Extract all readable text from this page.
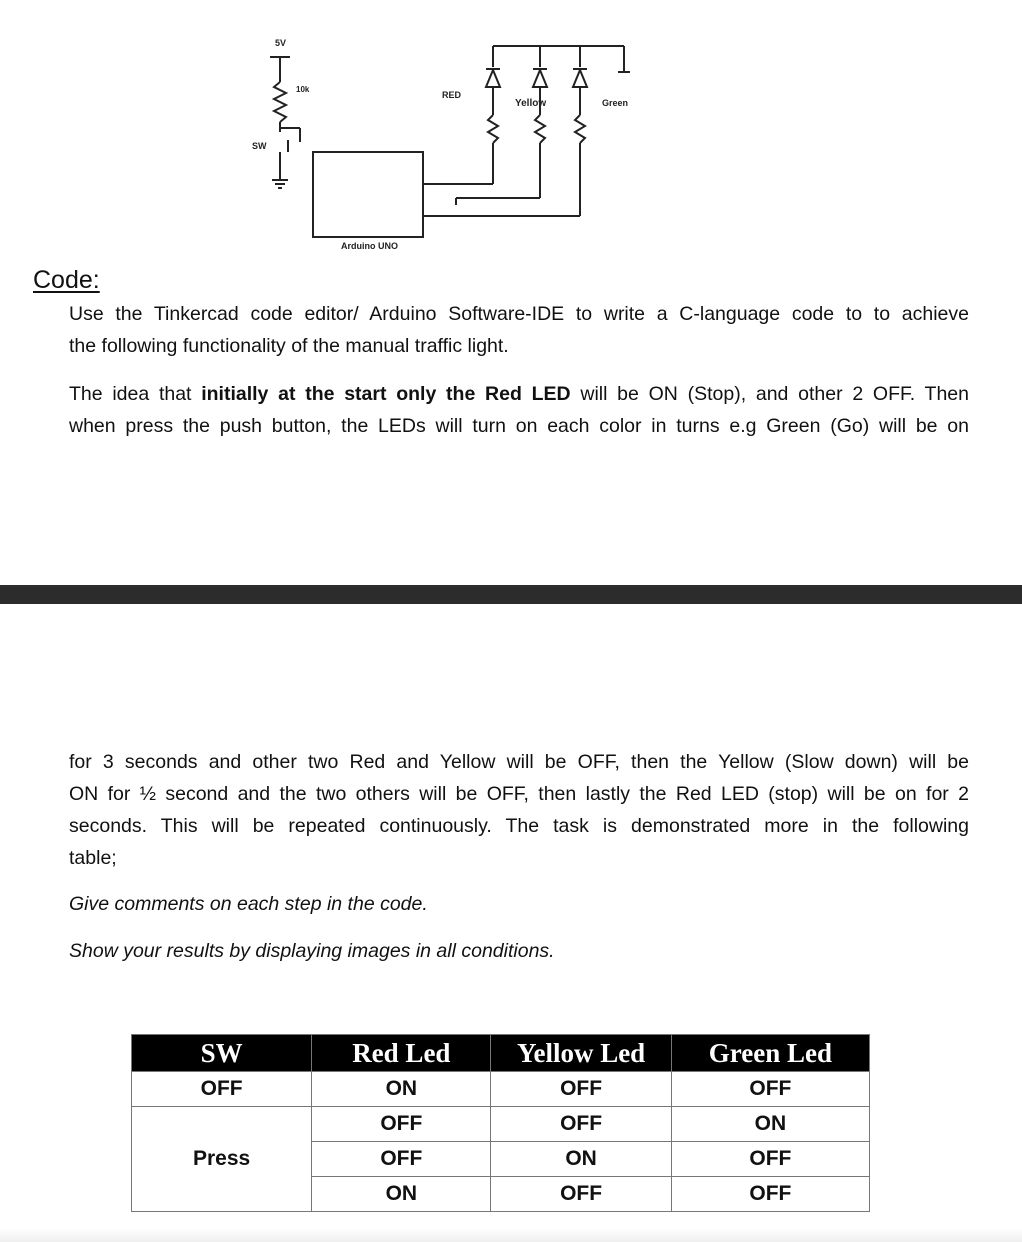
5V
10k
SW
RED
Yellow	Green
Arduino UNO
Code:

Use the Tinkercad code editor/ Arduino Software-IDE to write a C-language code to to achieve
the following functionality of the manual traffic light.

The idea that initially at the start only the Red LED will be ON (Stop), and other 2 OFF. Then
when press the push button, the LEDs will turn on each color in turns e.g Green (Go) will be on

for 3 seconds and other two Red and Yellow will be OFF, then the Yellow (Slow down) will be
ON for ½ second and the two others will be OFF, then lastly the Red LED (stop) will be on for 2
seconds. This will be repeated continuously. The task is demonstrated more in the following
table;

Give comments on each step in the code.
Show your results by displaying images in all conditions.
SW	Red Led	Yellow Led	Green Led
OFF	ON	OFF	OFF
Press	OFF	OFF	ON
	OFF	ON	OFF
	ON	OFF	OFF
